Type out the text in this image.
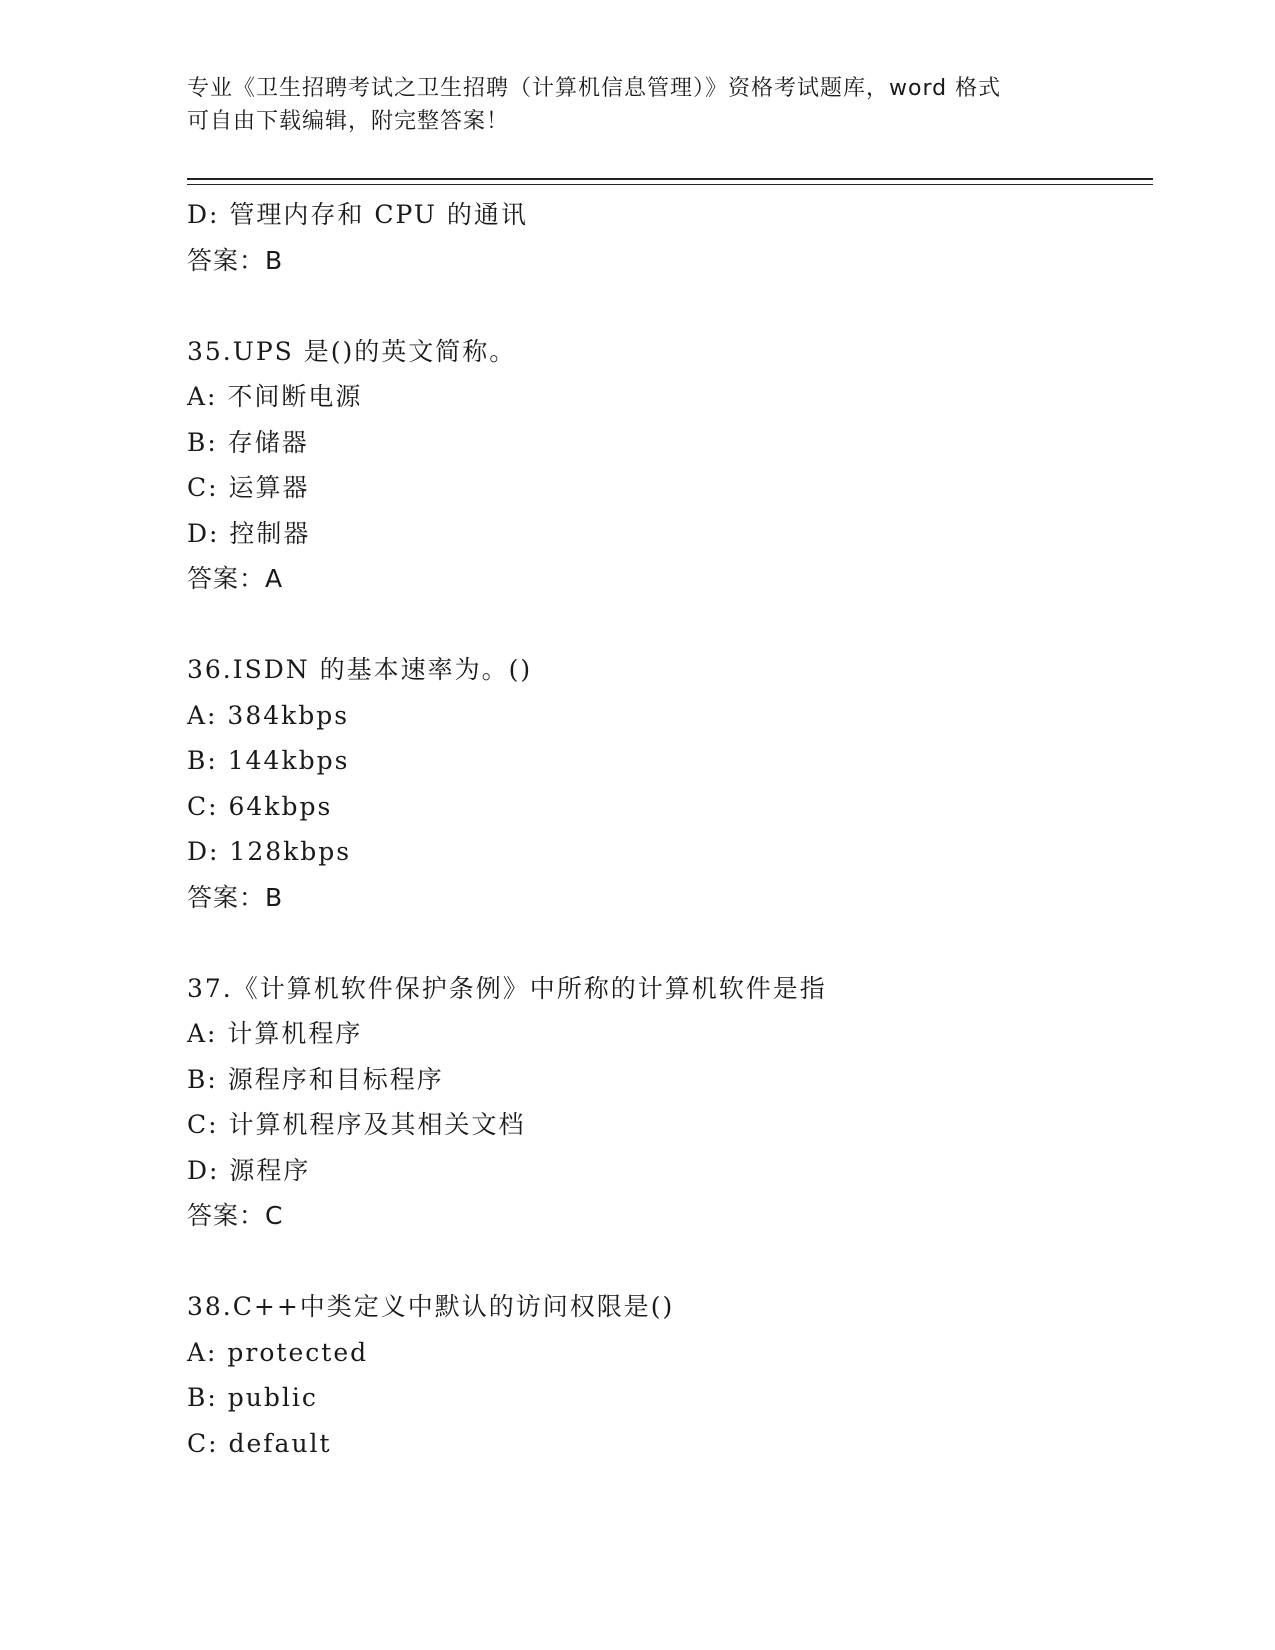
专业《卫生招聘考试之卫生招聘（计算机信息管理）》资格考试题库，word 格式
可自由下载编辑，附完整答案！
D: 管理内存和 CPU 的通讯
答案：B
35.UPS 是()的英文简称。
A: 不间断电源
B: 存储器
C: 运算器
D: 控制器
答案：A
36.ISDN 的基本速率为。()
A: 384kbps
B: 144kbps
C: 64kbps
D: 128kbps
答案：B
37.《计算机软件保护条例》中所称的计算机软件是指
A: 计算机程序
B: 源程序和目标程序
C: 计算机程序及其相关文档
D: 源程序
答案：C
38.C++中类定义中默认的访问权限是()
A: protected
B: public
C: default
